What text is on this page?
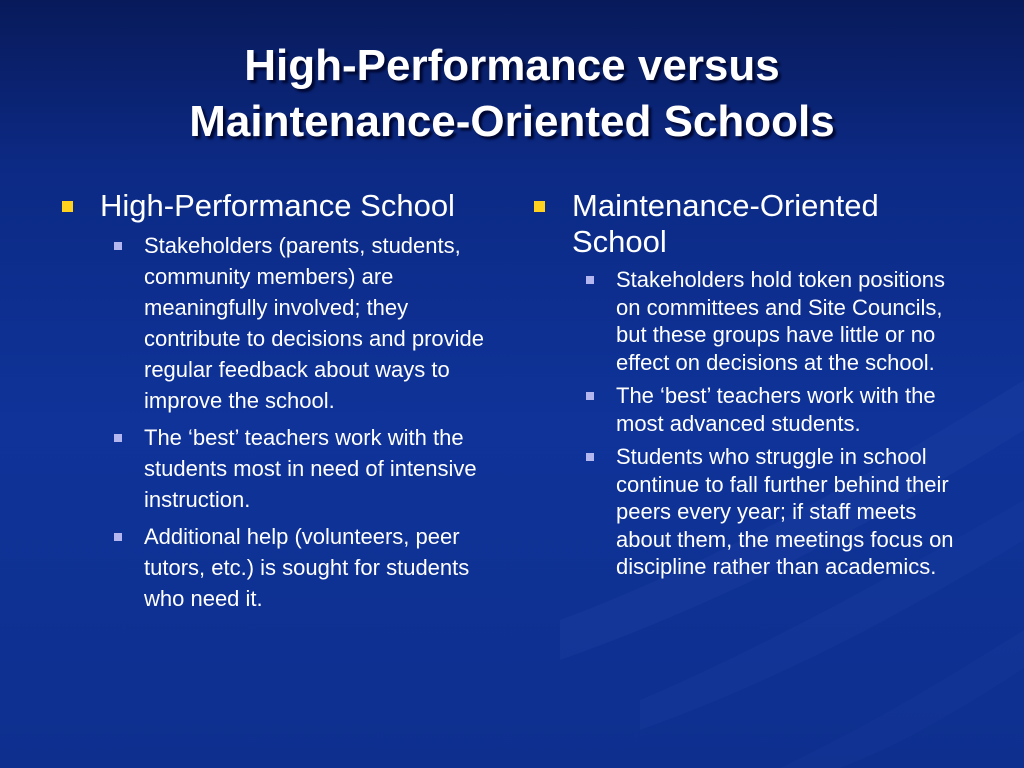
High-Performance versus
Maintenance-Oriented Schools
High-Performance School
Stakeholders (parents, students, community members) are meaningfully involved; they contribute to decisions and provide regular feedback about ways to improve the school.
The ‘best’ teachers work with the students most in need of intensive instruction.
Additional help (volunteers, peer tutors, etc.) is sought for students who need it.
Maintenance-Oriented School
Stakeholders hold token positions on committees and Site Councils, but these groups have little or no effect on decisions at the school.
The ‘best’ teachers work with the most advanced students.
Students who struggle in school continue to fall further behind their peers every year; if staff meets about them, the meetings focus on discipline rather than academics.
